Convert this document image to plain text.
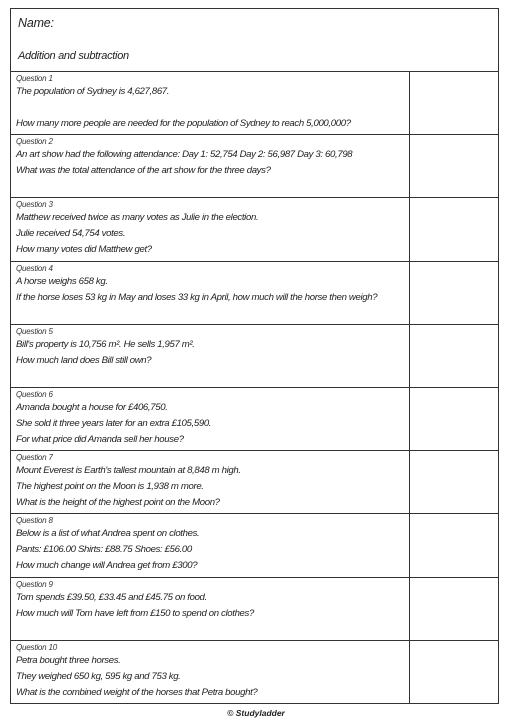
Name:
Addition and subtraction
Question 1
The population of Sydney is 4,627,867.
How many more people are needed for the population of Sydney to reach 5,000,000?
Question 2
An art show had the following attendance: Day 1: 52,754 Day 2: 56,987 Day 3: 60,798
What was the total attendance of the art show for the three days?
Question 3
Matthew received twice as many votes as Julie in the election.
Julie received 54,754 votes.
How many votes did Matthew get?
Question 4
A horse weighs 658 kg.
If the horse loses 53 kg in May and loses 33 kg in April, how much will the horse then weigh?
Question 5
Bill's property is 10,756 m². He sells 1,957 m².
How much land does Bill still own?
Question 6
Amanda bought a house for £406,750.
She sold it three years later for an extra £105,590.
For what price did Amanda sell her house?
Question 7
Mount Everest is Earth's tallest mountain at 8,848 m high.
The highest point on the Moon is 1,938 m more.
What is the height of the highest point on the Moon?
Question 8
Below is a list of what Andrea spent on clothes.
Pants: £106.00 Shirts: £88.75 Shoes: £56.00
How much change will Andrea get from £300?
Question 9
Tom spends £39.50, £33.45 and £45.75 on food.
How much will Tom have left from £150 to spend on clothes?
Question 10
Petra bought three horses.
They weighed 650 kg, 595 kg and 753 kg.
What is the combined weight of the horses that Petra bought?
© Studyladder
